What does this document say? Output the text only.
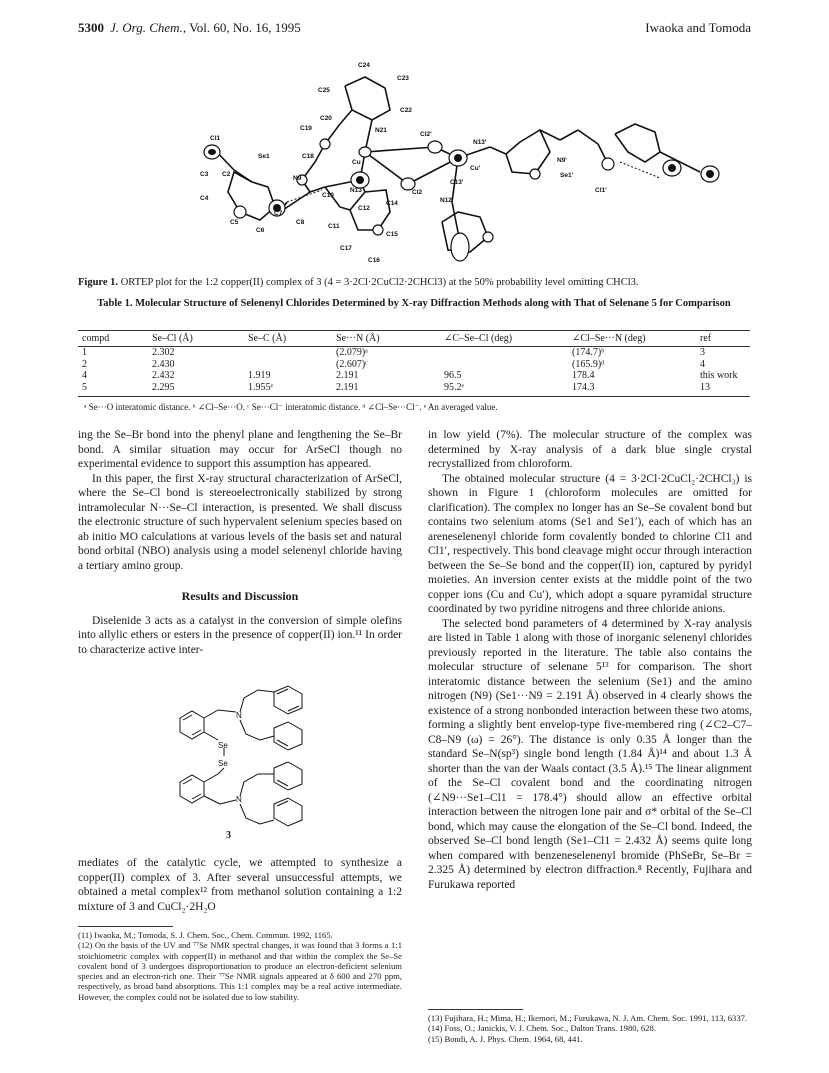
5300 J. Org. Chem., Vol. 60, No. 16, 1995	Iwaoka and Tomoda
C24
C23
C25
C22
C20
N21
C19
Cl2'
N13'
Cl1
Se1	C18
Cu
Cu'
N9'
Se1'
C3 C2
N9
C10
N13
C12
Cl2
C13'
Cl1'
C4
C5
C7
C8
C14	N12'
C6
C11
C15
C17
C16
Figure 1. ORTEP plot for the 1:2 copper(II) complex of 3 (4 = 3·2Cl·2CuCl2·2CHCl3) at the 50% probability level omitting CHCl3.
Table 1. Molecular Structure of Selenenyl Chlorides Determined by X-ray Diffraction Methods along with That of Selenane 5 for Comparison
compd	Se–Cl (Å)	Se–C (Å)	Se···N (Å)	∠C–Se–Cl (deg)	∠Cl–Se···N (deg)	ref
1	2.302		(2.079)ᵃ		(174.7)ᵇ	3
2	2.430		(2.607)ᶜ		(165.9)ᵈ	4
4	2.432	1.919	2.191	96.5	178.4	this work
5	2.295	1.955ᵉ	2.191	95.2ᵉ	174.3	13
ᵃ Se···O interatomic distance. ᵇ ∠Cl–Se···O. ᶜ Se···Cl⁻ interatomic distance. ᵈ ∠Cl–Se···Cl⁻. ᵉ An averaged value.

ing the Se–Br bond into the phenyl plane and lengthening the Se–Br bond. A similar situation may occur for ArSeCl though no experimental evidence to support this assumption has appeared.

In this paper, the first X-ray structural characterization of ArSeCl, where the Se–Cl bond is stereoelectronically stabilized by strong intramolecular N···Se–Cl interaction, is presented. We shall discuss the electronic structure of such hypervalent selenium species based on ab initio MO calculations at various levels of the basis set and natural bond orbital (NBO) analysis using a model selenenyl chloride having a tertiary amino group.

Results and Discussion

Diselenide 3 acts as a catalyst in the conversion of simple olefins into allylic ethers or esters in the presence of copper(II) ion.¹¹ In order to characterize active inter-

Se
Se
N
N
3

mediates of the catalytic cycle, we attempted to synthesize a copper(II) complex of 3. After several unsuccessful attempts, we obtained a metal complex¹² from methanol solution containing a 1:2 mixture of 3 and CuCl₂·2H₂O

(11) Iwaoka, M.; Tomoda, S. J. Chem. Soc., Chem. Commun. 1992, 1165.

(12) On the basis of the UV and ⁷⁷Se NMR spectral changes, it was found that 3 forms a 1:1 stoichiometric complex with copper(II) in methanol and that within the complex the Se–Se covalent bond of 3 undergoes disproportionation to produce an electron-deficient selenium species and an electron-rich one. Their ⁷⁷Se NMR signals appeared at δ 600 and 270 ppm, respectively, as broad band absorptions. This 1:1 complex may be a real active intermediate. However, the complex could not be isolated due to low stability.

in low yield (7%). The molecular structure of the complex was determined by X-ray analysis of a dark blue single crystal recrystallized from chloroform.

The obtained molecular structure (4 = 3·2Cl·2CuCl₂·2CHCl₃) is shown in Figure 1 (chloroform molecules are omitted for clarification). The complex no longer has an Se–Se covalent bond but contains two selenium atoms (Se1 and Se1′), each of which has an areneselenenyl chloride form covalently bonded to chlorine Cl1 and Cl1′, respectively. This bond cleavage might occur through interaction between the Se–Se bond and the copper(II) ion, captured by pyridyl moieties. An inversion center exists at the middle point of the two copper ions (Cu and Cu′), which adopt a square pyramidal structure coordinated by two pyridine nitrogens and three chloride anions.

The selected bond parameters of 4 determined by X-ray analysis are listed in Table 1 along with those of inorganic selenenyl chlorides previously reported in the literature. The table also contains the molecular structure of selenane 5¹³ for comparison. The short interatomic distance between the selenium (Se1) and the amino nitrogen (N9) (Se1···N9 = 2.191 Å) observed in 4 clearly shows the existence of a strong nonbonded interaction between these two atoms, forming a slightly bent envelop-type five-membered ring (∠C2–C7–C8–N9 (ω) = 26°). The distance is only 0.35 Å longer than the standard Se–N(sp³) single bond length (1.84 Å)¹⁴ and about 1.3 Å shorter than the van der Waals contact (3.5 Å).¹⁵ The linear alignment of the Se–Cl covalent bond and the coordinating nitrogen (∠N9···Se1–Cl1 = 178.4°) should allow an effective orbital interaction between the nitrogen lone pair and σ* orbital of the Se–Cl bond, which may cause the elongation of the Se–Cl bond. Indeed, the observed Se–Cl bond length (Se1–Cl1 = 2.432 Å) seems quite long when compared with benzeneselenenyl bromide (PhSeBr, Se–Br = 2.325 Å) determined by electron diffraction.⁸ Recently, Fujihara and Furukawa reported

(13) Fujihara, H.; Mima, H.; Ikemori, M.; Furukawa, N. J. Am. Chem. Soc. 1991, 113, 6337.

(14) Foss, O.; Janickis, V. J. Chem. Soc., Dalton Trans. 1980, 628.

(15) Bondi, A. J. Phys. Chem. 1964, 68, 441.
